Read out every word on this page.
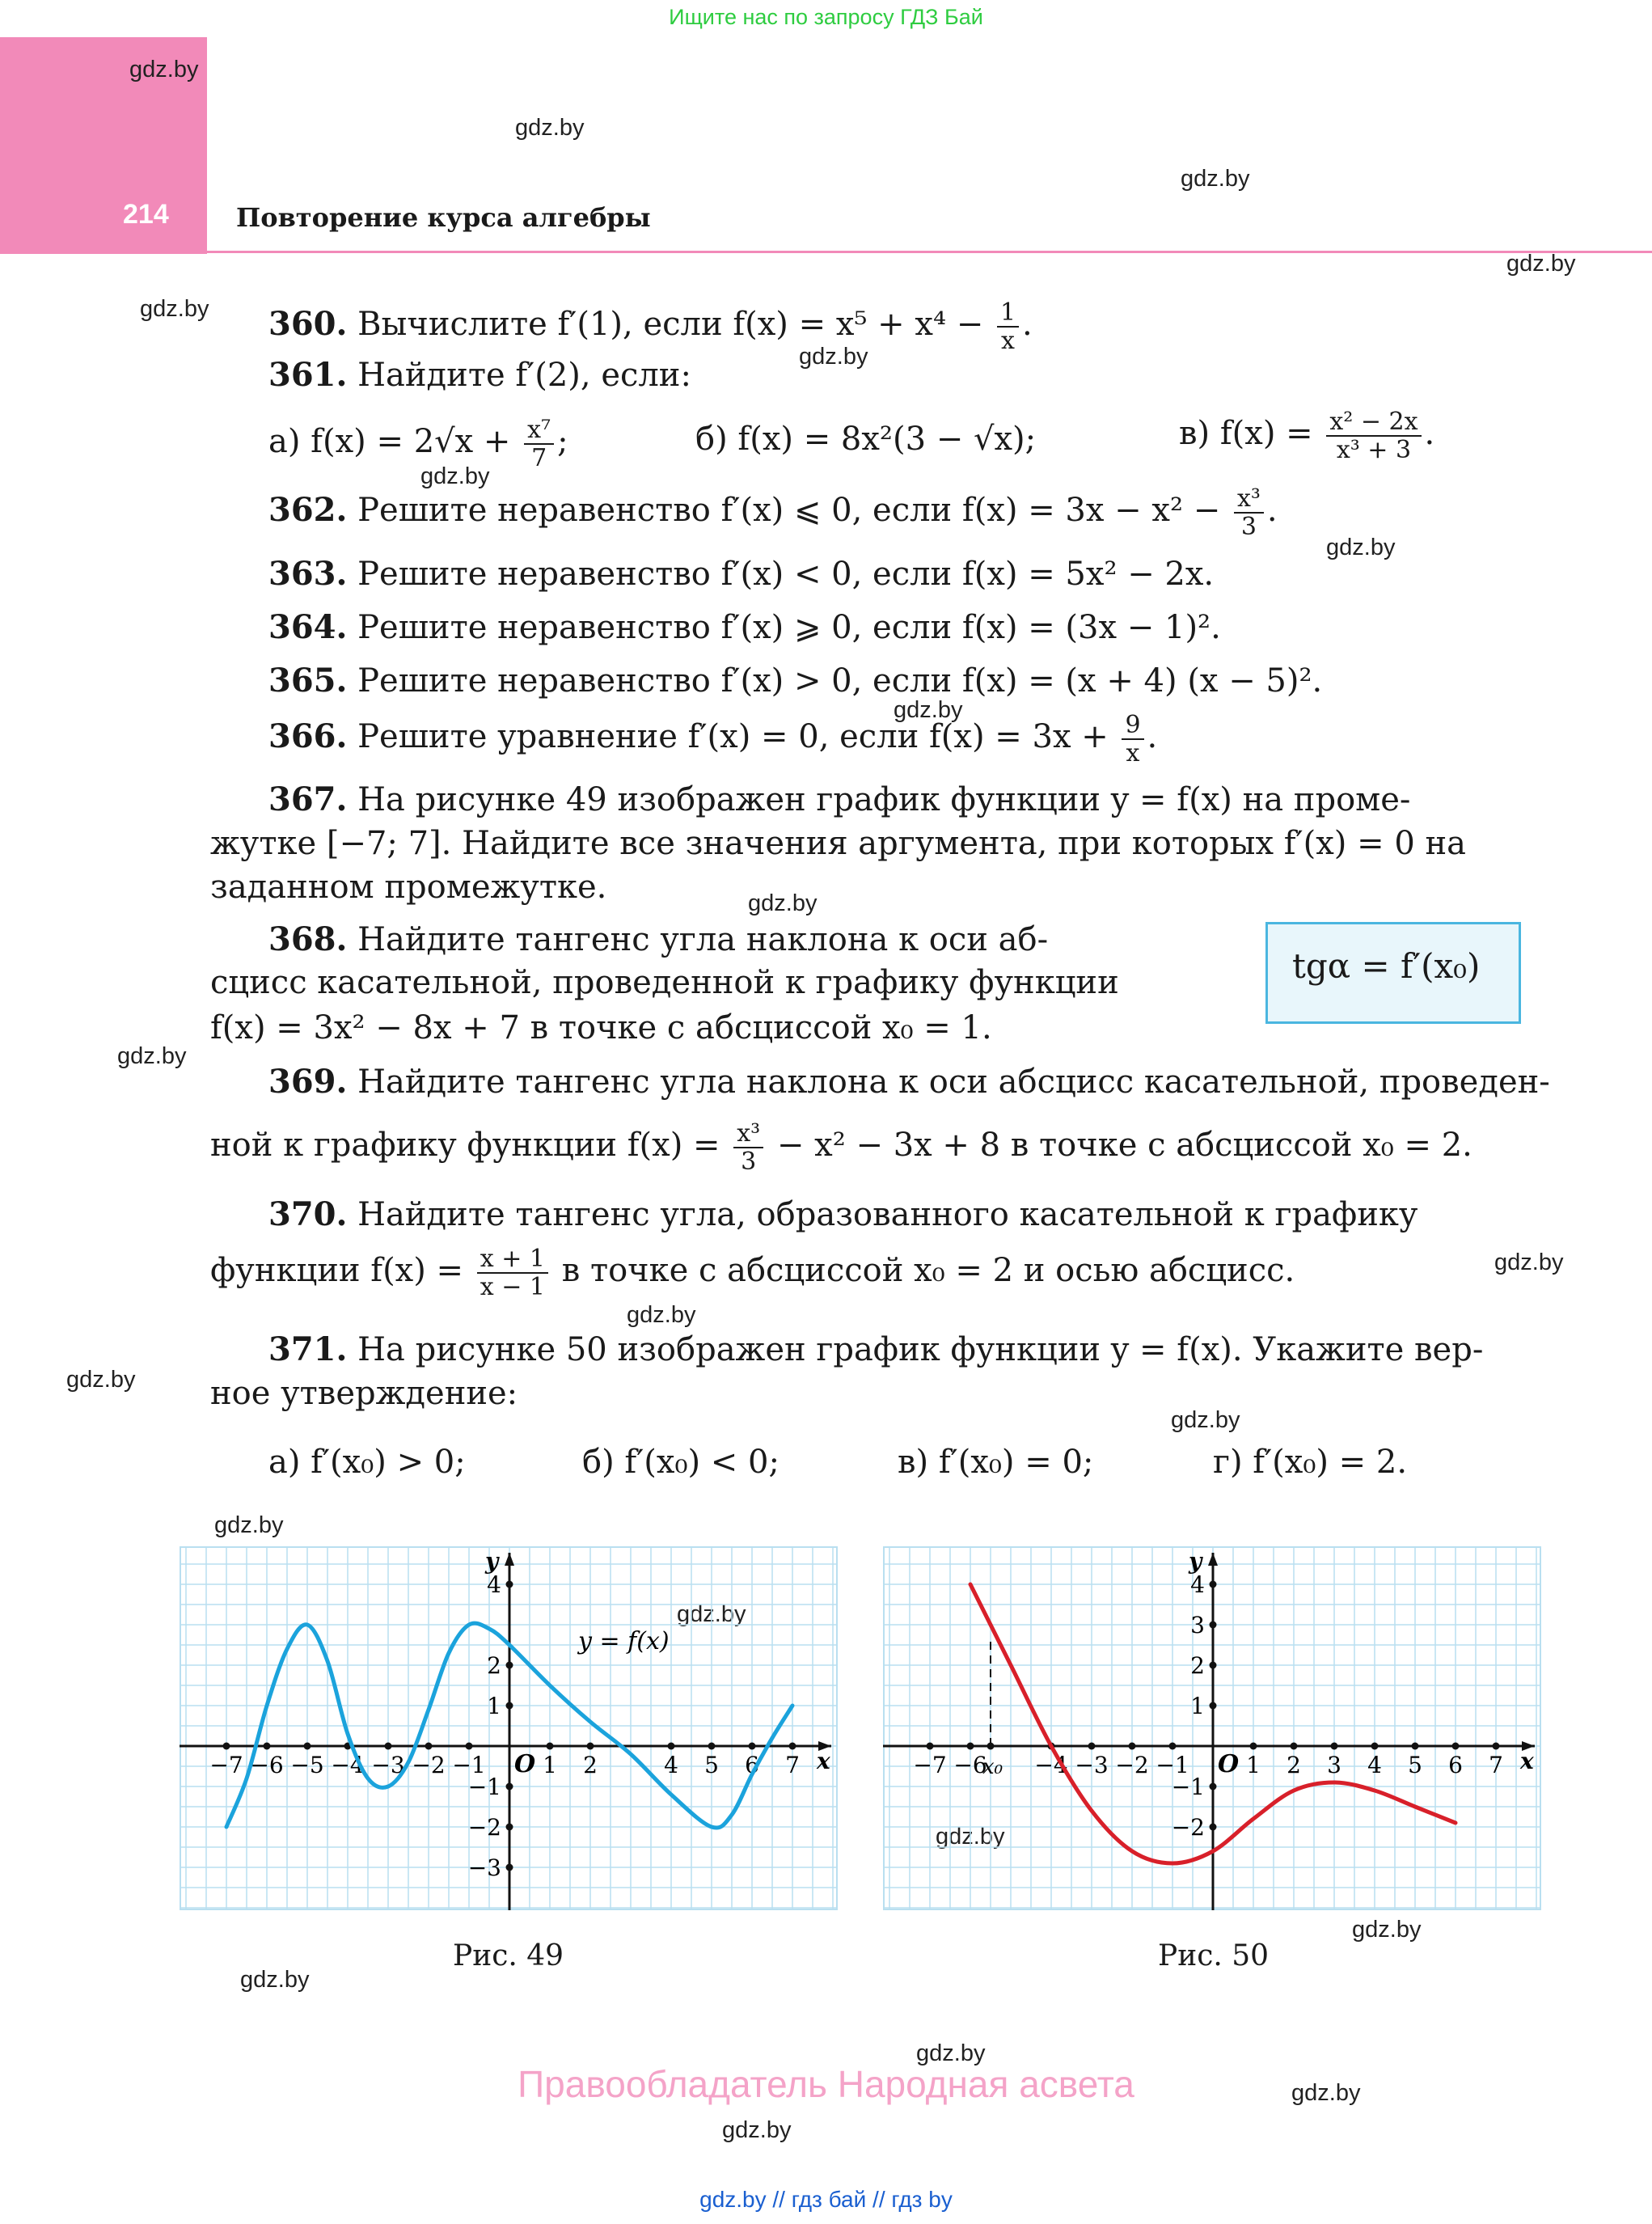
Ищите нас по запросу ГДЗ Бай
214	Повторение курса алгебры
gdz.by
gdz.by
gdz.by
gdz.by
gdz.by
gdz.by
gdz.by
gdz.by
gdz.by
gdz.by
gdz.by
gdz.by
gdz.by
gdz.by
gdz.by
gdz.by
gdz.by
gdz.by
gdz.by
gdz.by
gdz.by
gdz.by
gdz.by
360. Вычислите f′(1), если $f(x) = x^5 + x^4 - \frac{1}{x}$ .
361. Найдите f′(2), если:
а) $f(x) = 2√x + \frac{\text{x⁷}}{7}$ ;	б) f(x) = 8x²(3 − √x);	в) $f(x) = \frac{\text{x² − 2x}}{\text{x³ + 3}}$ .
362. Решите неравенство f′(x) ⩽ 0, если $f(x) = 3x - x^2 - \frac{\text{x³}}{3}$ .
363. Решите неравенство f′(x) < 0, если f(x) = 5x² − 2x.
364. Решите неравенство f′(x) ⩾ 0, если f(x) = (3x − 1)².
365. Решите неравенство f′(x) > 0, если f(x) = (x + 4) (x − 5)².
366. Решите уравнение f′(x) = 0, если $f(x) = 3x + \frac{9}{x}$ .
367. На рисунке 49 изображен график функции y = f(x) на проме-
жутке [−7; 7]. Найдите все значения аргумента, при которых f′(x) = 0 на
заданном промежутке.
368. Найдите тангенс угла наклона к оси аб-
сцисс касательной, проведенной к графику функции
f(x) = 3x² − 8x + 7 в точке с абсциссой x₀ = 1.
tgα = f′(x₀)
369. Найдите тангенс угла наклона к оси абсцисс касательной, проведен-
ной к графику функции $f(x) = \frac{\text{x³}}{3} - x^2 - 3x + 8$ в точке с абсциссой x₀ = 2.
370. Найдите тангенс угла, образованного касательной к графику
функции $f(x) = \frac{x + 1}{x - 1}$ в точке с абсциссой x₀ = 2 и осью абсцисс.
371. На рисунке 50 изображен график функции y = f(x). Укажите вер-
ное утверждение:
а) f′(x₀) > 0;	б) f′(x₀) < 0;	в) f′(x₀) = 0;	г) f′(x₀) = 2.
x
y
O
−7 −6 −5 −4 −3 −2 −1	1 2	4 5 6 7
4
2
1
−1
−2
−3
y = f(x)
Рис. 49
x
y
O
−7 −6 −4 −3 −2 −1	1 2 3 4 5 6 7
4
3
2
1
−1
−2
x₀
Рис. 50
Правообладатель Народная асвета
gdz.by // гдз бай // гдз by
